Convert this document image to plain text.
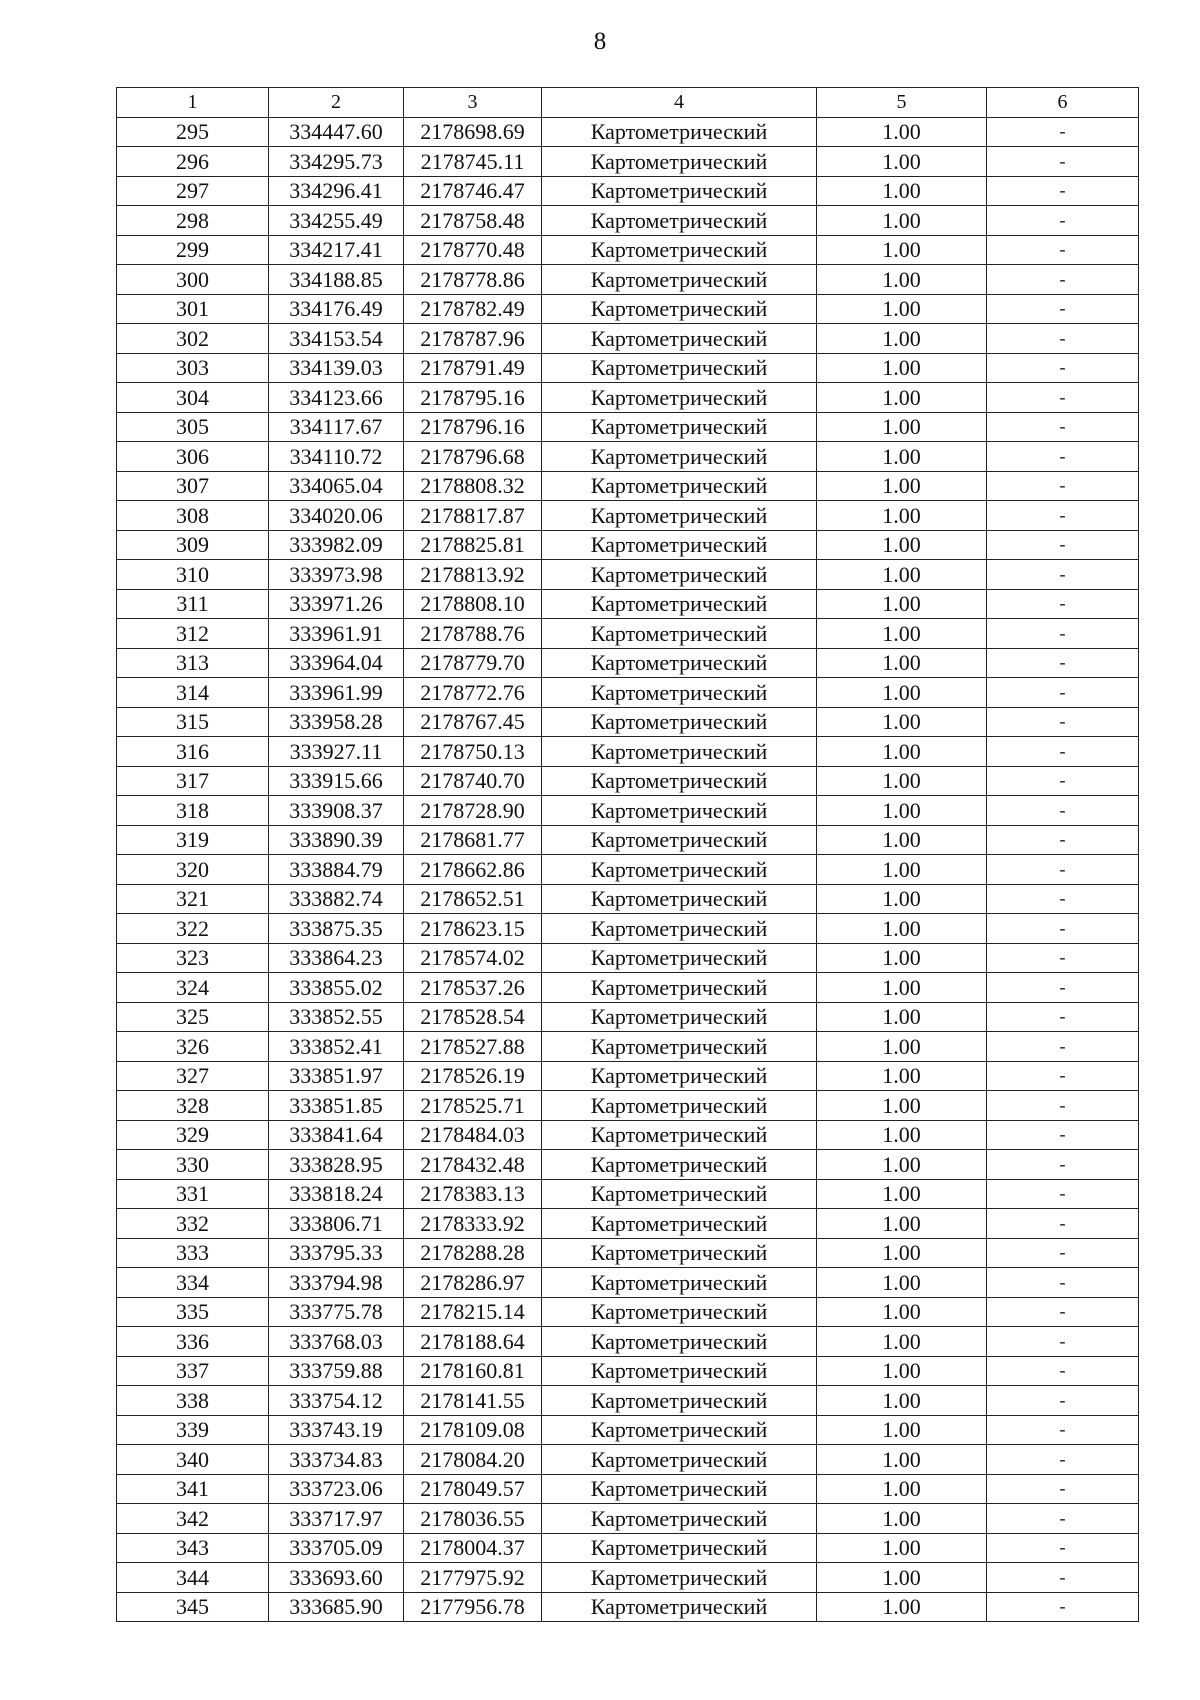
8
1	2	3	4	5	6
295	334447.60	2178698.69	Картометрический	1.00	-
296	334295.73	2178745.11	Картометрический	1.00	-
297	334296.41	2178746.47	Картометрический	1.00	-
298	334255.49	2178758.48	Картометрический	1.00	-
299	334217.41	2178770.48	Картометрический	1.00	-
300	334188.85	2178778.86	Картометрический	1.00	-
301	334176.49	2178782.49	Картометрический	1.00	-
302	334153.54	2178787.96	Картометрический	1.00	-
303	334139.03	2178791.49	Картометрический	1.00	-
304	334123.66	2178795.16	Картометрический	1.00	-
305	334117.67	2178796.16	Картометрический	1.00	-
306	334110.72	2178796.68	Картометрический	1.00	-
307	334065.04	2178808.32	Картометрический	1.00	-
308	334020.06	2178817.87	Картометрический	1.00	-
309	333982.09	2178825.81	Картометрический	1.00	-
310	333973.98	2178813.92	Картометрический	1.00	-
311	333971.26	2178808.10	Картометрический	1.00	-
312	333961.91	2178788.76	Картометрический	1.00	-
313	333964.04	2178779.70	Картометрический	1.00	-
314	333961.99	2178772.76	Картометрический	1.00	-
315	333958.28	2178767.45	Картометрический	1.00	-
316	333927.11	2178750.13	Картометрический	1.00	-
317	333915.66	2178740.70	Картометрический	1.00	-
318	333908.37	2178728.90	Картометрический	1.00	-
319	333890.39	2178681.77	Картометрический	1.00	-
320	333884.79	2178662.86	Картометрический	1.00	-
321	333882.74	2178652.51	Картометрический	1.00	-
322	333875.35	2178623.15	Картометрический	1.00	-
323	333864.23	2178574.02	Картометрический	1.00	-
324	333855.02	2178537.26	Картометрический	1.00	-
325	333852.55	2178528.54	Картометрический	1.00	-
326	333852.41	2178527.88	Картометрический	1.00	-
327	333851.97	2178526.19	Картометрический	1.00	-
328	333851.85	2178525.71	Картометрический	1.00	-
329	333841.64	2178484.03	Картометрический	1.00	-
330	333828.95	2178432.48	Картометрический	1.00	-
331	333818.24	2178383.13	Картометрический	1.00	-
332	333806.71	2178333.92	Картометрический	1.00	-
333	333795.33	2178288.28	Картометрический	1.00	-
334	333794.98	2178286.97	Картометрический	1.00	-
335	333775.78	2178215.14	Картометрический	1.00	-
336	333768.03	2178188.64	Картометрический	1.00	-
337	333759.88	2178160.81	Картометрический	1.00	-
338	333754.12	2178141.55	Картометрический	1.00	-
339	333743.19	2178109.08	Картометрический	1.00	-
340	333734.83	2178084.20	Картометрический	1.00	-
341	333723.06	2178049.57	Картометрический	1.00	-
342	333717.97	2178036.55	Картометрический	1.00	-
343	333705.09	2178004.37	Картометрический	1.00	-
344	333693.60	2177975.92	Картометрический	1.00	-
345	333685.90	2177956.78	Картометрический	1.00	-
